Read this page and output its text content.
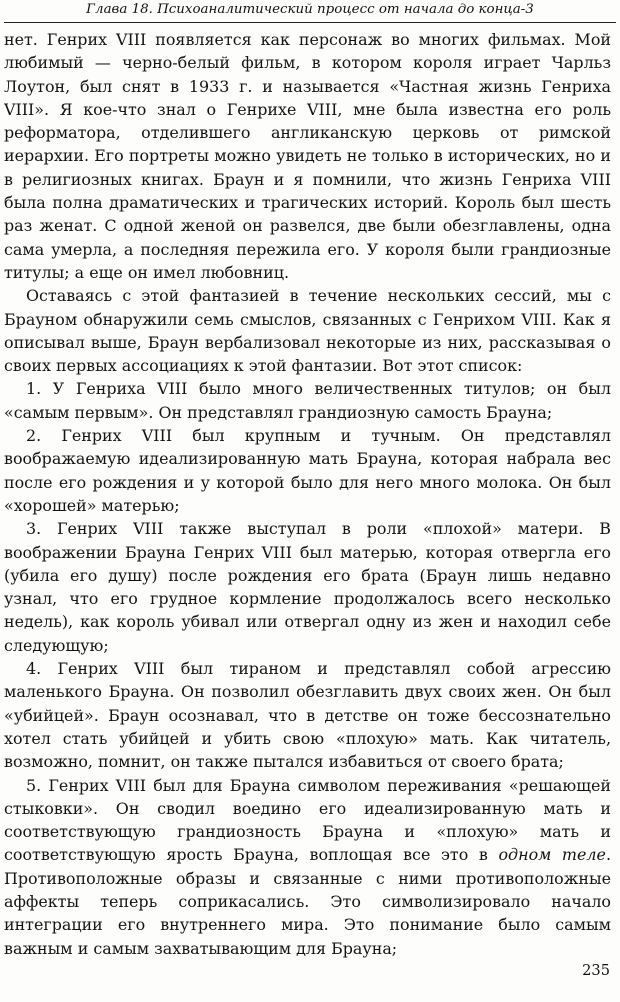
Глава 18. Психоаналитический процесс от начала до конца-3

нет. Генрих VIII появляется как персонаж во многих фильмах. Мой любимый — черно-белый фильм, в котором короля играет Чарльз Лоутон, был снят в 1933 г. и называется «Частная жизнь Генриха VIII». Я кое-что знал о Генрихе VIII, мне была известна его роль реформатора, отделившего англиканскую церковь от римской иерархии. Его портреты можно увидеть не только в исторических, но и в религиозных книгах. Браун и я помнили, что жизнь Генриха VIII была полна драматических и трагических историй. Король был шесть раз женат. С одной женой он развелся, две были обезглавлены, одна сама умерла, а последняя пережила его. У короля были грандиозные титулы; а еще он имел любовниц.

Оставаясь с этой фантазией в течение нескольких сессий, мы с Брауном обнаружили семь смыслов, связанных с Генрихом VIII. Как я описывал выше, Браун вербализовал некоторые из них, рассказывая о своих первых ассоциациях к этой фантазии. Вот этот список:

1. У Генриха VIII было много величественных титулов; он был «самым первым». Он представлял грандиозную самость Брауна;

2. Генрих VIII был крупным и тучным. Он представлял воображаемую идеализированную мать Брауна, которая набрала вес после его рождения и у которой было для него много молока. Он был «хорошей» матерью;

3. Генрих VIII также выступал в роли «плохой» матери. В воображении Брауна Генрих VIII был матерью, которая отвергла его (убила его душу) после рождения его брата (Браун лишь недавно узнал, что его грудное кормление продолжалось всего несколько недель), как король убивал или отвергал одну из жен и находил себе следующую;

4. Генрих VIII был тираном и представлял собой агрессию маленького Брауна. Он позволил обезглавить двух своих жен. Он был «убийцей». Браун осознавал, что в детстве он тоже бессознательно хотел стать убийцей и убить свою «плохую» мать. Как читатель, возможно, помнит, он также пытался избавиться от своего брата;

5. Генрих VIII был для Брауна символом переживания «решающей стыковки». Он сводил воедино его идеализированную мать и соответствующую грандиозность Брауна и «плохую» мать и соответствующую ярость Брауна, воплощая все это в одном теле. Противоположные образы и связанные с ними противоположные аффекты теперь соприкасались. Это символизировало начало интеграции его внутреннего мира. Это понимание было самым важным и самым захватывающим для Брауна;

235
